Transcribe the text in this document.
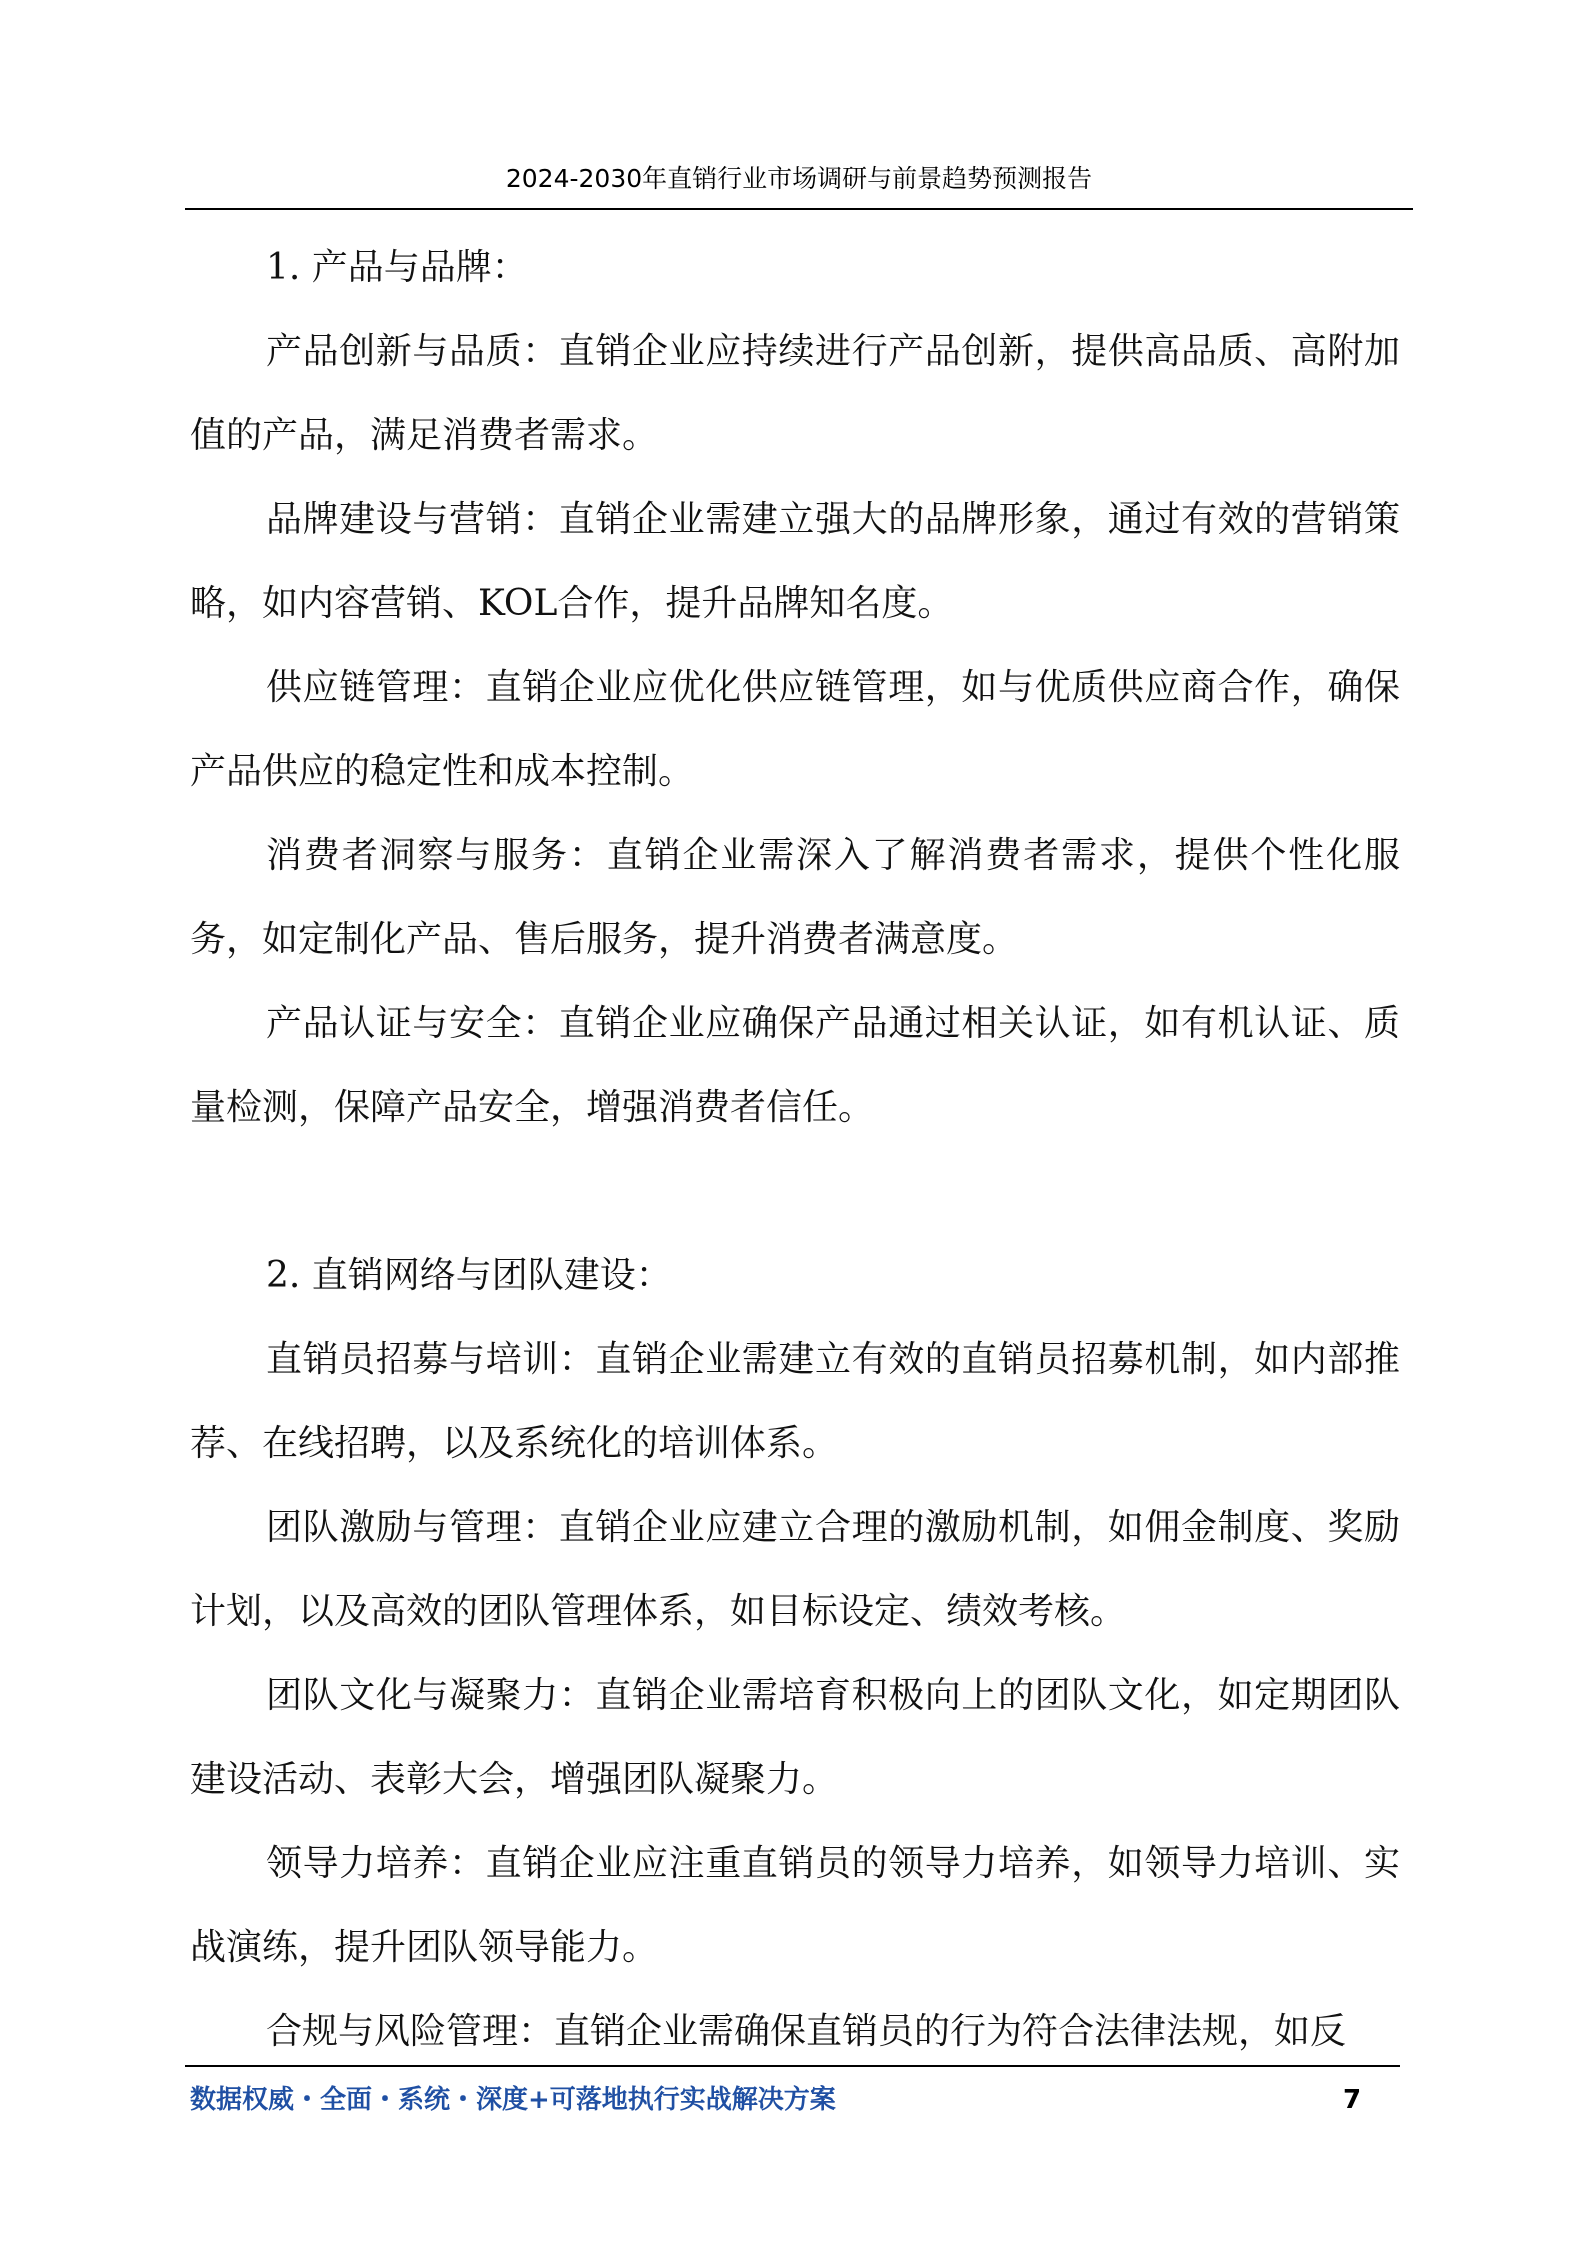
2024-2030年直销行业市场调研与前景趋势预测报告

1. 产品与品牌：

产品创新与品质：直销企业应持续进行产品创新，提供高品质、高附加值的产品，满足消费者需求。

品牌建设与营销：直销企业需建立强大的品牌形象，通过有效的营销策略，如内容营销、KOL合作，提升品牌知名度。

供应链管理：直销企业应优化供应链管理，如与优质供应商合作，确保产品供应的稳定性和成本控制。

消费者洞察与服务：直销企业需深入了解消费者需求，提供个性化服务，如定制化产品、售后服务，提升消费者满意度。

产品认证与安全：直销企业应确保产品通过相关认证，如有机认证、质量检测，保障产品安全，增强消费者信任。

2. 直销网络与团队建设：

直销员招募与培训：直销企业需建立有效的直销员招募机制，如内部推荐、在线招聘，以及系统化的培训体系。

团队激励与管理：直销企业应建立合理的激励机制，如佣金制度、奖励计划，以及高效的团队管理体系，如目标设定、绩效考核。

团队文化与凝聚力：直销企业需培育积极向上的团队文化，如定期团队建设活动、表彰大会，增强团队凝聚力。

领导力培养：直销企业应注重直销员的领导力培养，如领导力培训、实战演练，提升团队领导能力。

合规与风险管理：直销企业需确保直销员的行为符合法律法规，如反

数据权威・全面・系统・深度+可落地执行实战解决方案	7
